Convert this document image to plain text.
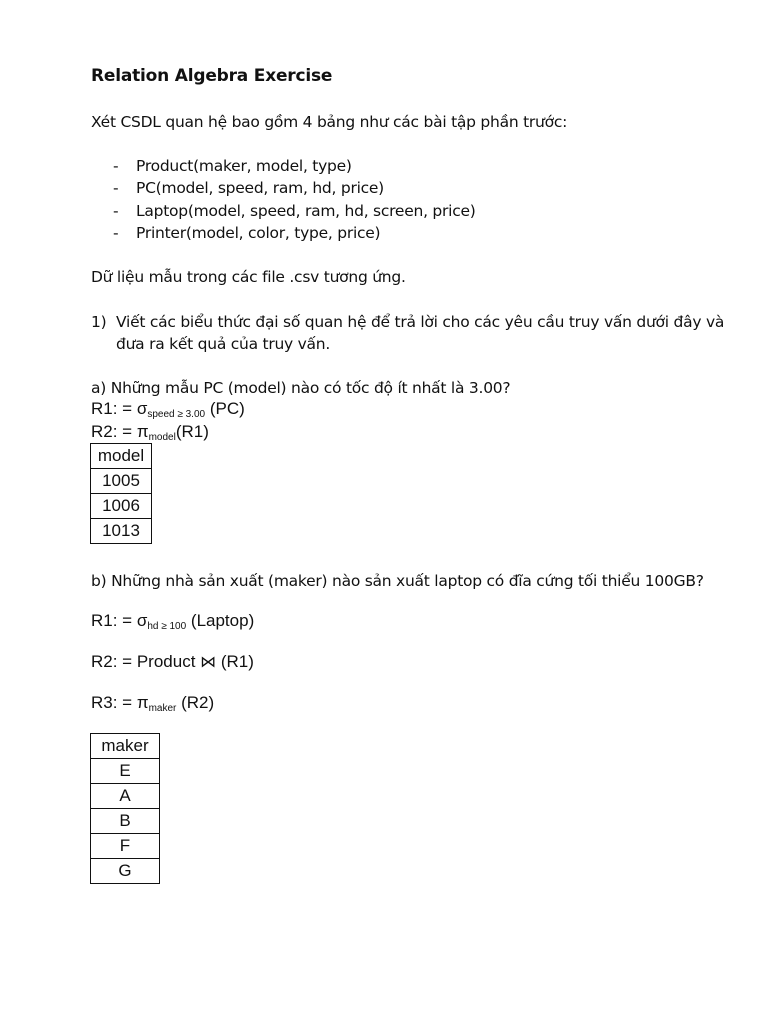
Relation Algebra Exercise
Xét CSDL quan hệ bao gồm 4 bảng như các bài tập phần trước:
- Product(maker, model, type)
- PC(model, speed, ram, hd, price)
- Laptop(model, speed, ram, hd, screen, price)
- Printer(model, color, type, price)
Dữ liệu mẫu trong các file .csv tương ứng.
1) Viết các biểu thức đại số quan hệ để trả lời cho các yêu cầu truy vấn dưới đây và
đưa ra kết quả của truy vấn.
a) Những mẫu PC (model) nào có tốc độ ít nhất là 3.00?
R1: = $\sigma_{speed \ge 3.00}$ (PC)
R2: = $\pi_{model}(R1)$
model
1005
1006
1013
b) Những nhà sản xuất (maker) nào sản xuất laptop có đĩa cứng tối thiểu 100GB?
R1: = $\sigma_{hd \ge 100}$ (Laptop)
R2: = Product ⋈ (R1)
R3: = $\pi_{maker}$ (R2)
maker
E
A
B
F
G
